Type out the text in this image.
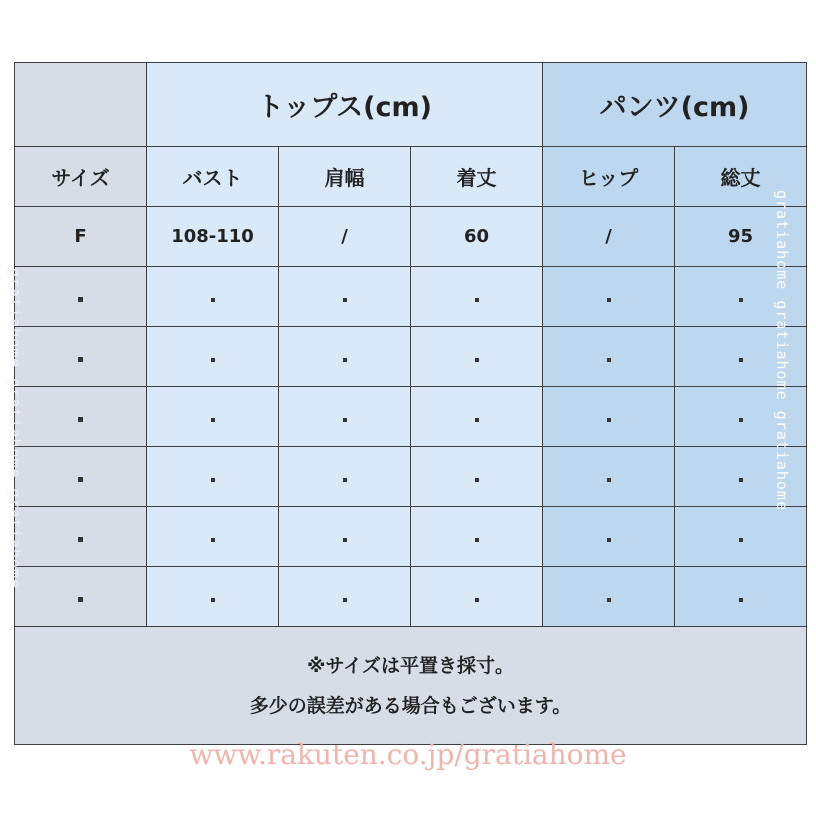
	トップス(cm)			パンツ(cm)	
サイズ	バスト	肩幅	着丈	ヒップ	総丈
F	108-110	/	60	/	95

※サイズは平置き採寸。
多少の誤差がある場合もございます。					
gratiahome gratiahome gratiahome	gratiahome gratiahome gratiahome
www.rakuten.co.jp/gratiahome
